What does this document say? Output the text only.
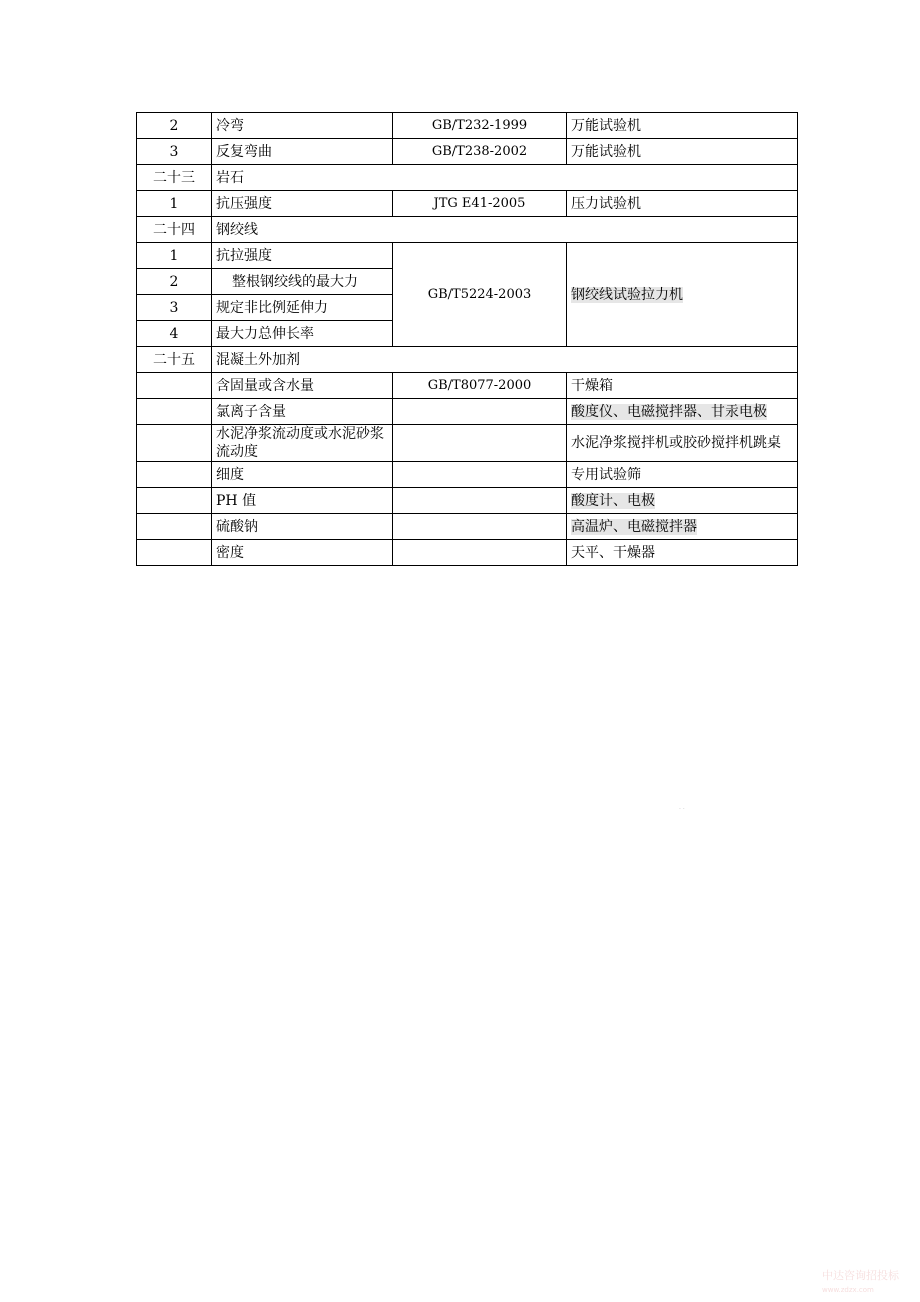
2	冷弯	GB/T232-1999	万能试验机
3	反复弯曲	GB/T238-2002	万能试验机
二十三	岩石		
1	抗压强度	JTG E41-2005	压力试验机
二十四	钢绞线		
1	抗拉强度	GB/T5224-2003	钢绞线试验拉力机
2	整根钢绞线的最大力		
3	规定非比例延伸力		
4	最大力总伸长率		
二十五	混凝土外加剂		
	含固量或含水量	GB/T8077-2000	干燥箱
	氯离子含量		酸度仪、电磁搅拌器、甘汞电极
	水泥净浆流动度或水泥砂浆流动度		水泥净浆搅拌机或胶砂搅拌机跳桌
	细度		专用试验筛
	PH 值		酸度计、电极
	硫酸钠		高温炉、电磁搅拌器
	密度		天平、干燥器
· ·
中达咨询招投标
www.zdzx.com
